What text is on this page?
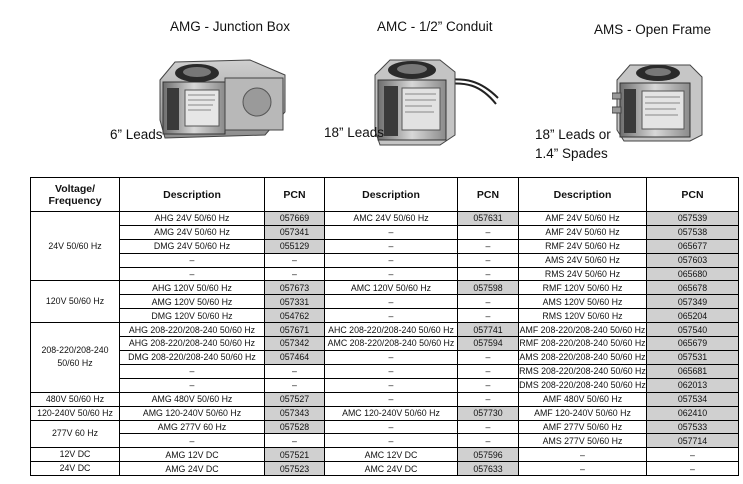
AMG - Junction Box	AMC - 1/2” Conduit	AMS - Open Frame
6” Leads	18” Leads	18” Leads or
1.4” Spades
Voltage/
Frequency	Description	PCN	Description	PCN	Description	PCN
24V 50/60 Hz	AHG 24V 50/60 Hz	057669	AMC 24V 50/60 Hz	057631	AMF 24V 50/60 Hz	057539
	AMG 24V 50/60 Hz	057341	–	–	AMF 24V 50/60 Hz	057538
	DMG 24V 50/60 Hz	055129	–	–	RMF 24V 50/60 Hz	065677
	–	–	–	–	AMS 24V 50/60 Hz	057603
	–	–	–	–	RMS 24V 50/60 Hz	065680
120V 50/60 Hz	AHG 120V 50/60 Hz	057673	AMC 120V 50/60 Hz	057598	RMF 120V 50/60 Hz	065678
	AMG 120V 50/60 Hz	057331	–	–	AMS 120V 50/60 Hz	057349
	DMG 120V 50/60 Hz	054762	–	–	RMS 120V 50/60 Hz	065204
208-220/208-240 50/60 Hz	AHG 208-220/208-240 50/60 Hz	057671	AHC 208-220/208-240 50/60 Hz	057741	AMF 208-220/208-240 50/60 Hz	057540
	AHG 208-220/208-240 50/60 Hz	057342	AMC 208-220/208-240 50/60 Hz	057594	RMF 208-220/208-240 50/60 Hz	065679
	DMG 208-220/208-240 50/60 Hz	057464	–	–	AMS 208-220/208-240 50/60 Hz	057531
	–	–	–	–	RMS 208-220/208-240 50/60 Hz	065681
	–	–	–	–	DMS 208-220/208-240 50/60 Hz	062013
480V 50/60 Hz	AMG 480V 50/60 Hz	057527	–	–	AMF 480V 50/60 Hz	057534
120-240V 50/60 Hz	AMG 120-240V 50/60 Hz	057343	AMC 120-240V 50/60 Hz	057730	AMF 120-240V 50/60 Hz	062410
277V 60 Hz	AMG 277V 60 Hz	057528	–	–	AMF 277V 50/60 Hz	057533
	–	–	–	–	AMS 277V 50/60 Hz	057714
12V DC	AMG 12V DC	057521	AMC 12V DC	057596	–	–
24V DC	AMG 24V DC	057523	AMC 24V DC	057633	–	–
